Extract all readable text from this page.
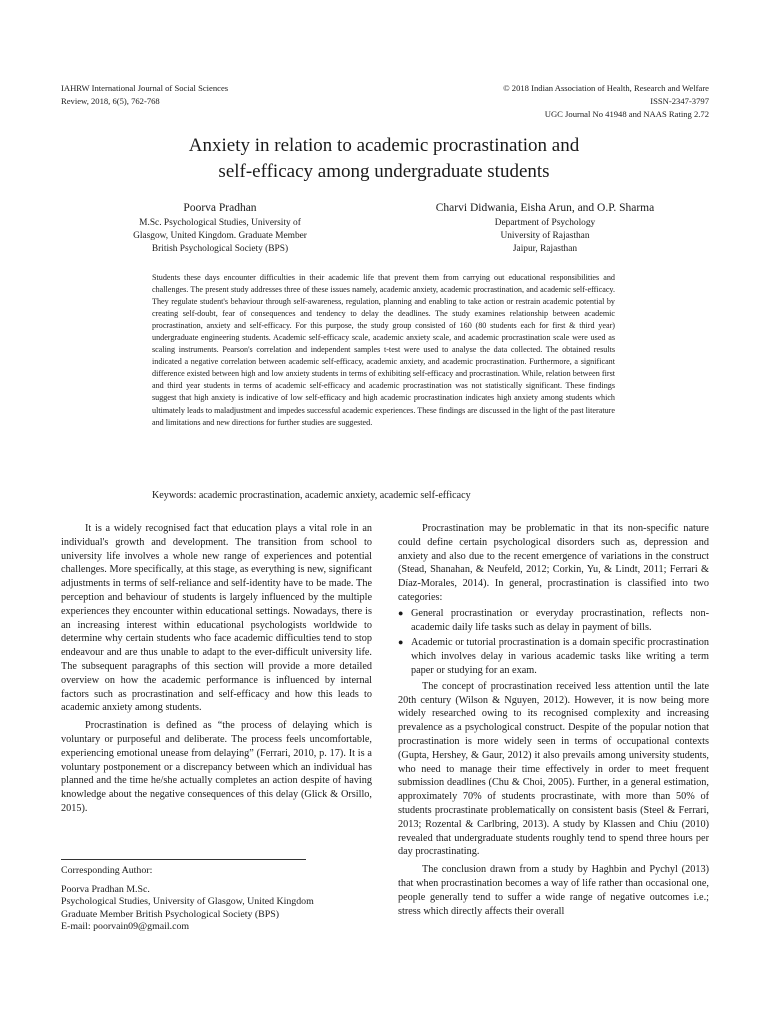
IAHRW International Journal of Social Sciences
Review, 2018, 6(5), 762-768
© 2018 Indian Association of Health, Research and Welfare
ISSN-2347-3797
UGC Journal No 41948 and NAAS Rating 2.72
Anxiety in relation to academic procrastination and
self-efficacy among undergraduate students
Poorva Pradhan
M.Sc. Psychological Studies, University of
Glasgow, United Kingdom. Graduate Member
British Psychological Society (BPS)
Charvi Didwania, Eisha Arun, and O.P. Sharma
Department of Psychology
University of Rajasthan
Jaipur, Rajasthan

Students these days encounter difficulties in their academic life that prevent them from carrying out educational responsibilities and challenges. The present study addresses three of these issues namely, academic anxiety, academic procrastination, and academic self-efficacy. They regulate student's behaviour through self-awareness, regulation, planning and enabling to take action or restrain academic potential by creating self-doubt, fear of consequences and tendency to delay the deadlines. The study examines relationship between academic procrastination, anxiety and self-efficacy. For this purpose, the study group consisted of 160 (80 students each for first & third year) undergraduate engineering students. Academic self-efficacy scale, academic anxiety scale, and academic procrastination scale were used as scaling instruments. Pearson's correlation and independent samples t-test were used to analyse the data collected. The obtained results indicated a negative correlation between academic self-efficacy, academic anxiety, and academic procrastination. Furthermore, a significant difference existed between high and low anxiety students in terms of exhibiting self-efficacy and procrastination. While, relation between first and third year students in terms of academic self-efficacy and academic procrastination was not statistically significant. These findings suggest that high anxiety is indicative of low self-efficacy and high academic procrastination indicates high anxiety among students which ultimately leads to maladjustment and impedes successful academic experiences. These findings are discussed in the light of the past literature and limitations and new directions for further studies are suggested.

Keywords: academic procrastination, academic anxiety, academic self-efficacy

It is a widely recognised fact that education plays a vital role in an individual's growth and development. The transition from school to university life involves a whole new range of experiences and potential challenges. More specifically, at this stage, as everything is new, significant adjustments in terms of self-reliance and self-identity have to be made. The perception and behaviour of students is largely influenced by the multiple experiences they encounter within educational settings. Nowadays, there is an increasing interest within educational psychologists worldwide to determine why certain students who face academic difficulties tend to stop endeavour and are thus unable to adapt to the ever-difficult university life. The subsequent paragraphs of this section will provide a more detailed overview on how the academic performance is influenced by internal factors such as procrastination and self-efficacy and how this leads to academic anxiety among students.

Procrastination is defined as “the process of delaying which is voluntary or purposeful and deliberate. The process feels uncomfortable, experiencing emotional unease from delaying” (Ferrari, 2010, p. 17). It is a voluntary postponement or a discrepancy between which an individual has planned and the time he/she actually completes an action despite of having knowledge about the negative consequences of this delay (Glick & Orsillo, 2015).

Procrastination may be problematic in that its non-specific nature could define certain psychological disorders such as, depression and anxiety and also due to the recent emergence of variations in the construct (Stead, Shanahan, & Neufeld, 2012; Corkin, Yu, & Lindt, 2011; Ferrari & Díaz-Morales, 2014). In general, procrastination is classified into two categories:

● General procrastination or everyday procrastination, reflects non-academic daily life tasks such as delay in payment of bills.
● Academic or tutorial procrastination is a domain specific procrastination which involves delay in various academic tasks like writing a term paper or studying for an exam.

The concept of procrastination received less attention until the late 20th century (Wilson & Nguyen, 2012). However, it is now being more widely researched owing to its recognised complexity and increasing prevalence as a psychological construct. Despite of the popular notion that procrastination is more widely seen in terms of occupational contexts (Gupta, Hershey, & Gaur, 2012) it also prevails among university students, who need to manage their time effectively in order to meet frequent submission deadlines (Chu & Choi, 2005). Further, in a general estimation, approximately 70% of students procrastinate, with more than 50% of students procrastinate problematically on consistent basis (Steel & Ferrari, 2013; Rozental & Carlbring, 2013). A study by Klassen and Chiu (2010) revealed that undergraduate students roughly tend to spend three hours per day procrastinating.

The conclusion drawn from a study by Haghbin and Pychyl (2013) that when procrastination becomes a way of life rather than occasional one, people generally tend to suffer a wide range of negative outcomes i.e.; stress which directly affects their overall

Corresponding Author:
Poorva Pradhan M.Sc.
Psychological Studies, University of Glasgow, United Kingdom
Graduate Member British Psychological Society (BPS)
E-mail: poorvain09@gmail.com
